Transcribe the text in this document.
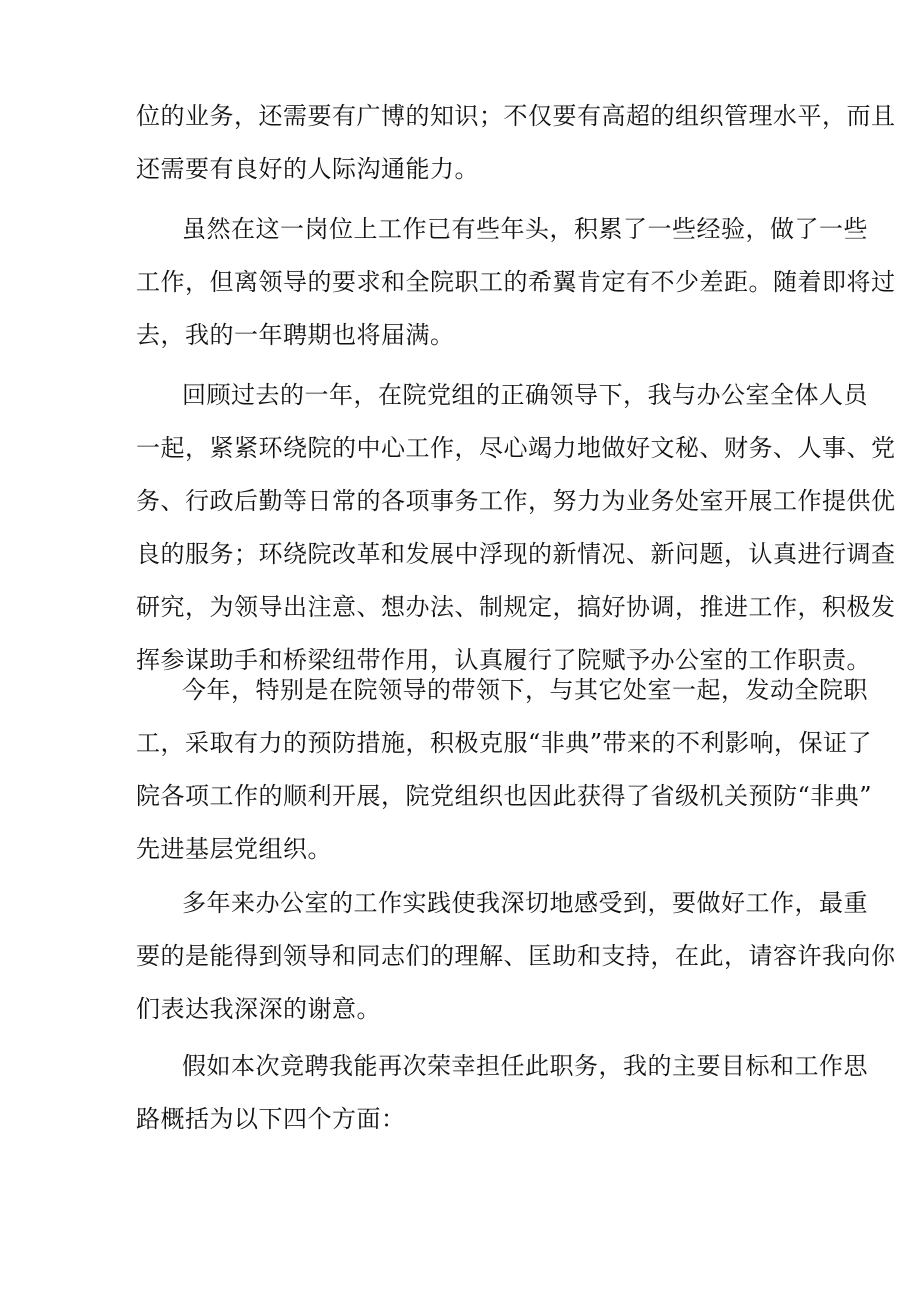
位的业务，还需要有广博的知识；不仅要有高超的组织管理水平，而且
还需要有良好的人际沟通能力。

虽然在这一岗位上工作已有些年头，积累了一些经验，做了一些
工作，但离领导的要求和全院职工的希翼肯定有不少差距。随着即将过
去，我的一年聘期也将届满。

回顾过去的一年，在院党组的正确领导下，我与办公室全体人员
一起，紧紧环绕院的中心工作，尽心竭力地做好文秘、财务、人事、党
务、行政后勤等日常的各项事务工作，努力为业务处室开展工作提供优
良的服务；环绕院改革和发展中浮现的新情况、新问题，认真进行调查
研究，为领导出注意、想办法、制规定，搞好协调，推进工作，积极发
挥参谋助手和桥梁纽带作用，认真履行了院赋予办公室的工作职责。

今年，特别是在院领导的带领下，与其它处室一起，发动全院职
工，采取有力的预防措施，积极克服“非典”带来的不利影响，保证了
院各项工作的顺利开展，院党组织也因此获得了省级机关预防“非典”
先进基层党组织。

多年来办公室的工作实践使我深切地感受到，要做好工作，最重
要的是能得到领导和同志们的理解、匡助和支持，在此，请容许我向你
们表达我深深的谢意。

假如本次竞聘我能再次荣幸担任此职务，我的主要目标和工作思
路概括为以下四个方面：
